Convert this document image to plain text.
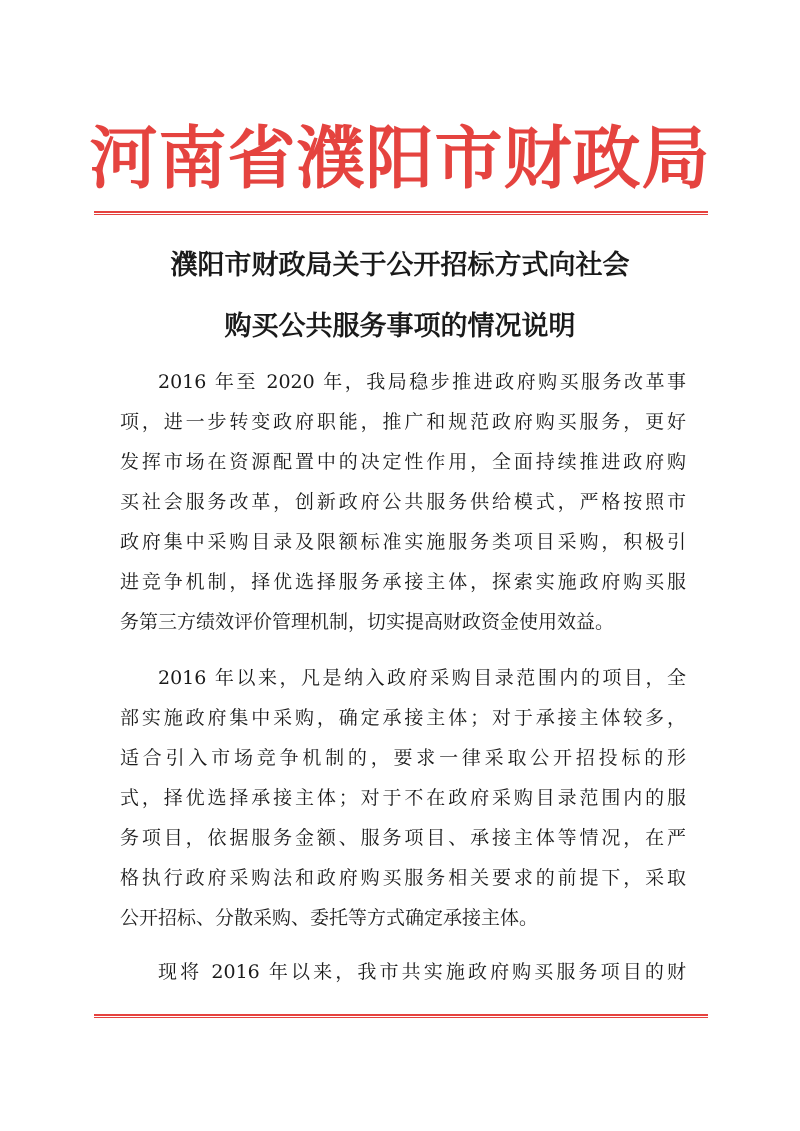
河南省濮阳市财政局
濮阳市财政局关于公开招标方式向社会
购买公共服务事项的情况说明
2016 年至 2020 年，我局稳步推进政府购买服务改革事
项，进一步转变政府职能，推广和规范政府购买服务，更好
发挥市场在资源配置中的决定性作用，全面持续推进政府购
买社会服务改革，创新政府公共服务供给模式，严格按照市
政府集中采购目录及限额标准实施服务类项目采购，积极引
进竞争机制，择优选择服务承接主体，探索实施政府购买服
务第三方绩效评价管理机制，切实提高财政资金使用效益。
2016 年以来，凡是纳入政府采购目录范围内的项目，全
部实施政府集中采购，确定承接主体；对于承接主体较多，
适合引入市场竞争机制的，要求一律采取公开招投标的形
式，择优选择承接主体；对于不在政府采购目录范围内的服
务项目，依据服务金额、服务项目、承接主体等情况，在严
格执行政府采购法和政府购买服务相关要求的前提下，采取
公开招标、分散采购、委托等方式确定承接主体。
现将 2016 年以来，我市共实施政府购买服务项目的财
